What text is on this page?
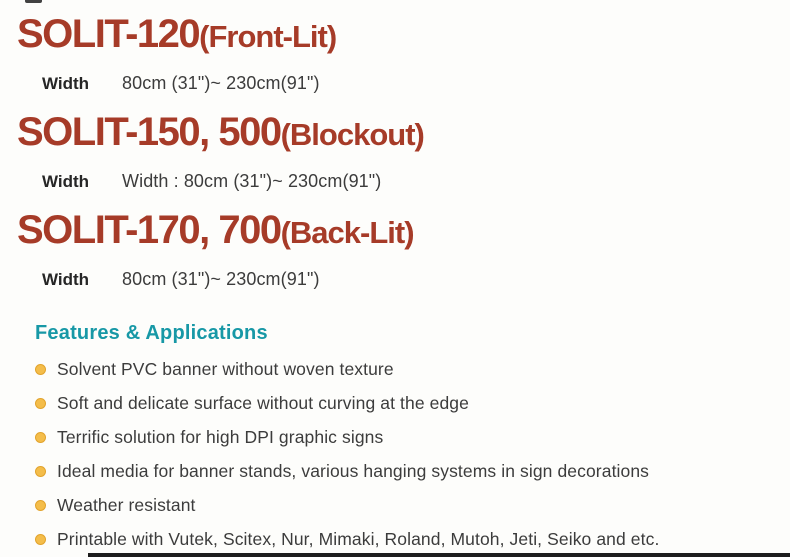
SOLIT-120(Front-Lit)
Width	80cm (31")~ 230cm(91")
SOLIT-150, 500(Blockout)
Width	Width : 80cm (31")~ 230cm(91")
SOLIT-170, 700(Back-Lit)
Width	80cm (31")~ 230cm(91")
Features & Applications
Solvent PVC banner without woven texture
Soft and delicate surface without curving at the edge
Terrific solution for high DPI graphic signs
Ideal media for banner stands, various hanging systems in sign decorations
Weather resistant
Printable with Vutek, Scitex, Nur, Mimaki, Roland, Mutoh, Jeti, Seiko and etc.
